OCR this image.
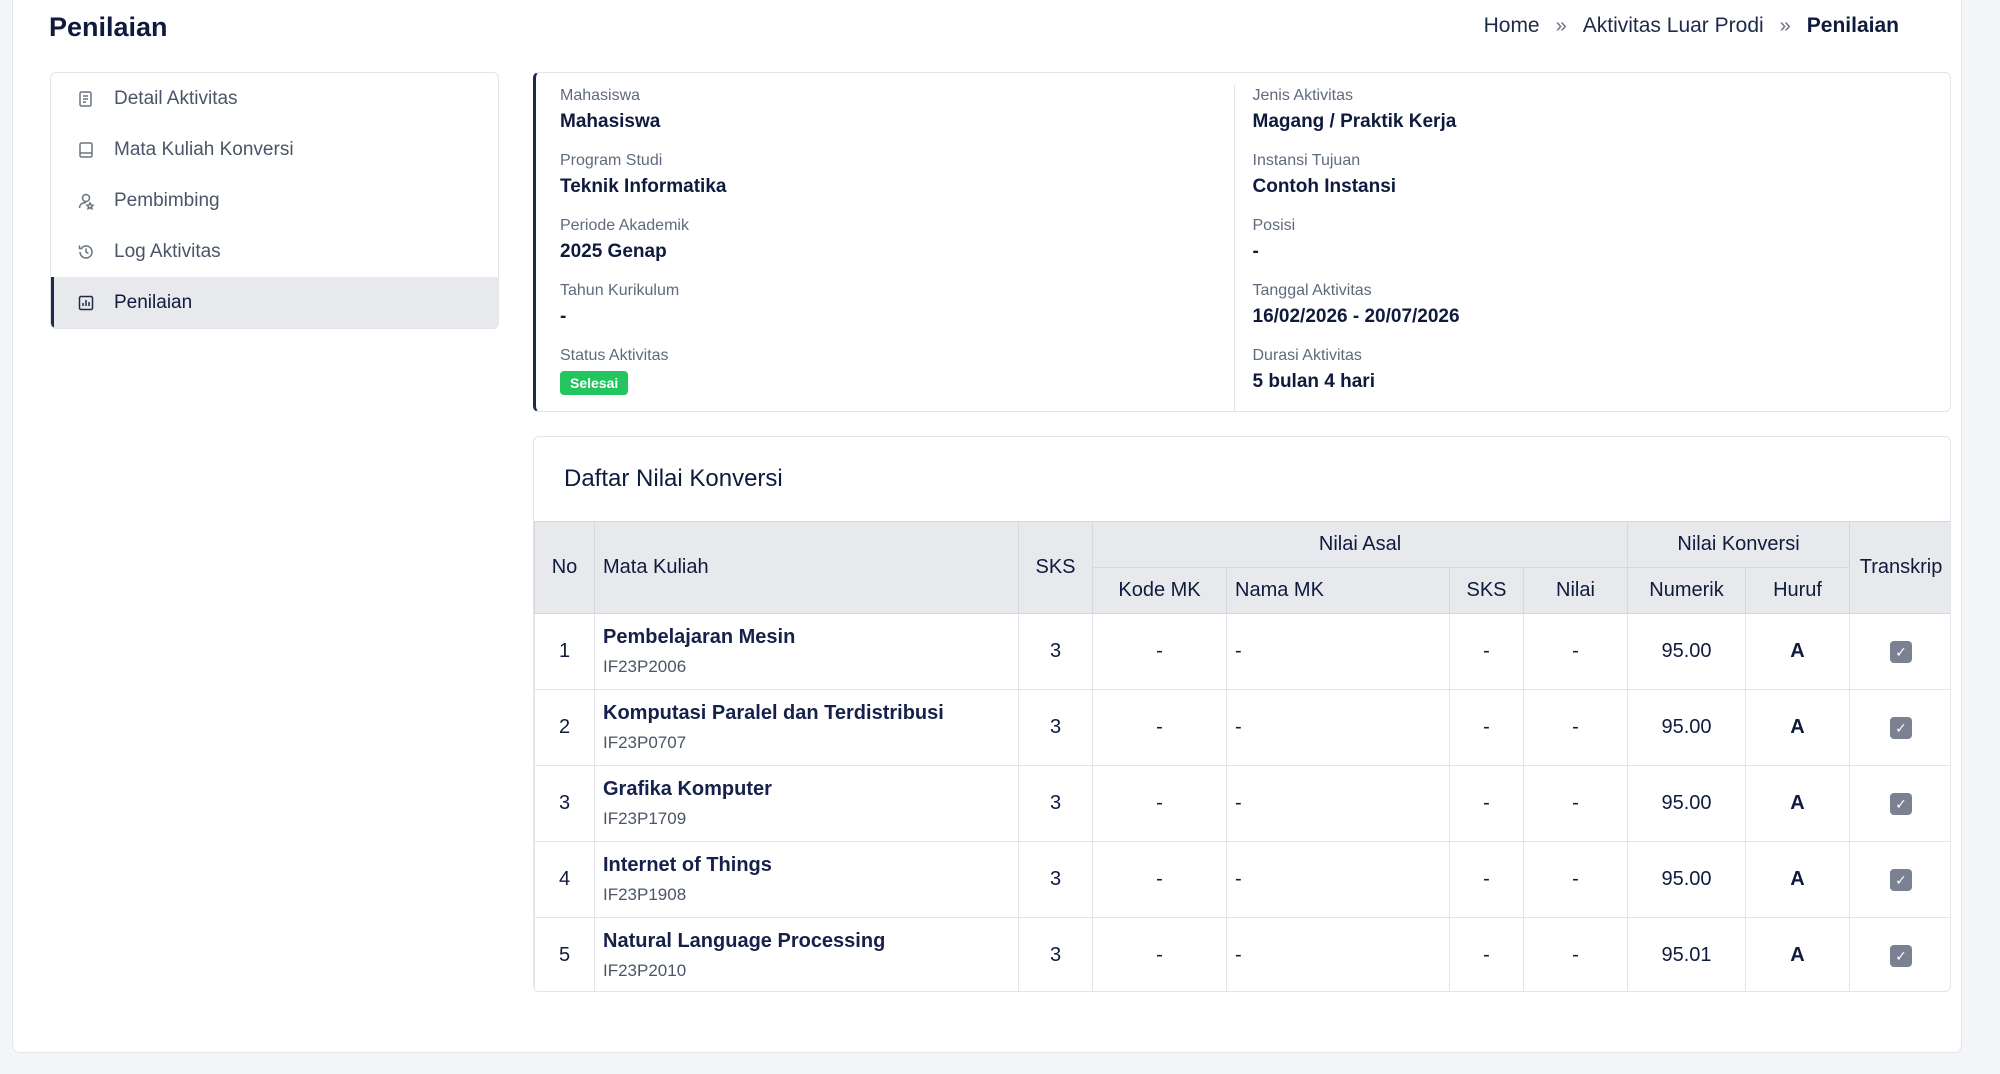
Penilaian	Home » Aktivitas Luar Prodi » Penilaian
Detail Aktivitas
Mata Kuliah Konversi
Pembimbing
Log Aktivitas
Penilaian
Mahasiswa
Mahasiswa
Program Studi
Teknik Informatika
Periode Akademik
2025 Genap
Tahun Kurikulum
-
Status Aktivitas
Selesai
Jenis Aktivitas
Magang / Praktik Kerja
Instansi Tujuan
Contoh Instansi
Posisi
-
Tanggal Aktivitas
16/02/2026 - 20/07/2026
Durasi Aktivitas
5 bulan 4 hari
Daftar Nilai Konversi
No	Mata Kuliah	SKS	Nilai Asal				Nilai Konversi		Transkrip
			Kode MK	Nama MK	SKS	Nilai	Numerik	Huruf	
1	Pembelajaran Mesin
IF23P2006	3	-	-	-	-	95.00	A	✓
2	Komputasi Paralel dan Terdistribusi
IF23P0707	3	-	-	-	-	95.00	A	✓
3	Grafika Komputer
IF23P1709	3	-	-	-	-	95.00	A	✓
4	Internet of Things
IF23P1908	3	-	-	-	-	95.00	A	✓
5	Natural Language Processing
IF23P2010	3	-	-	-	-	95.01	A	✓
